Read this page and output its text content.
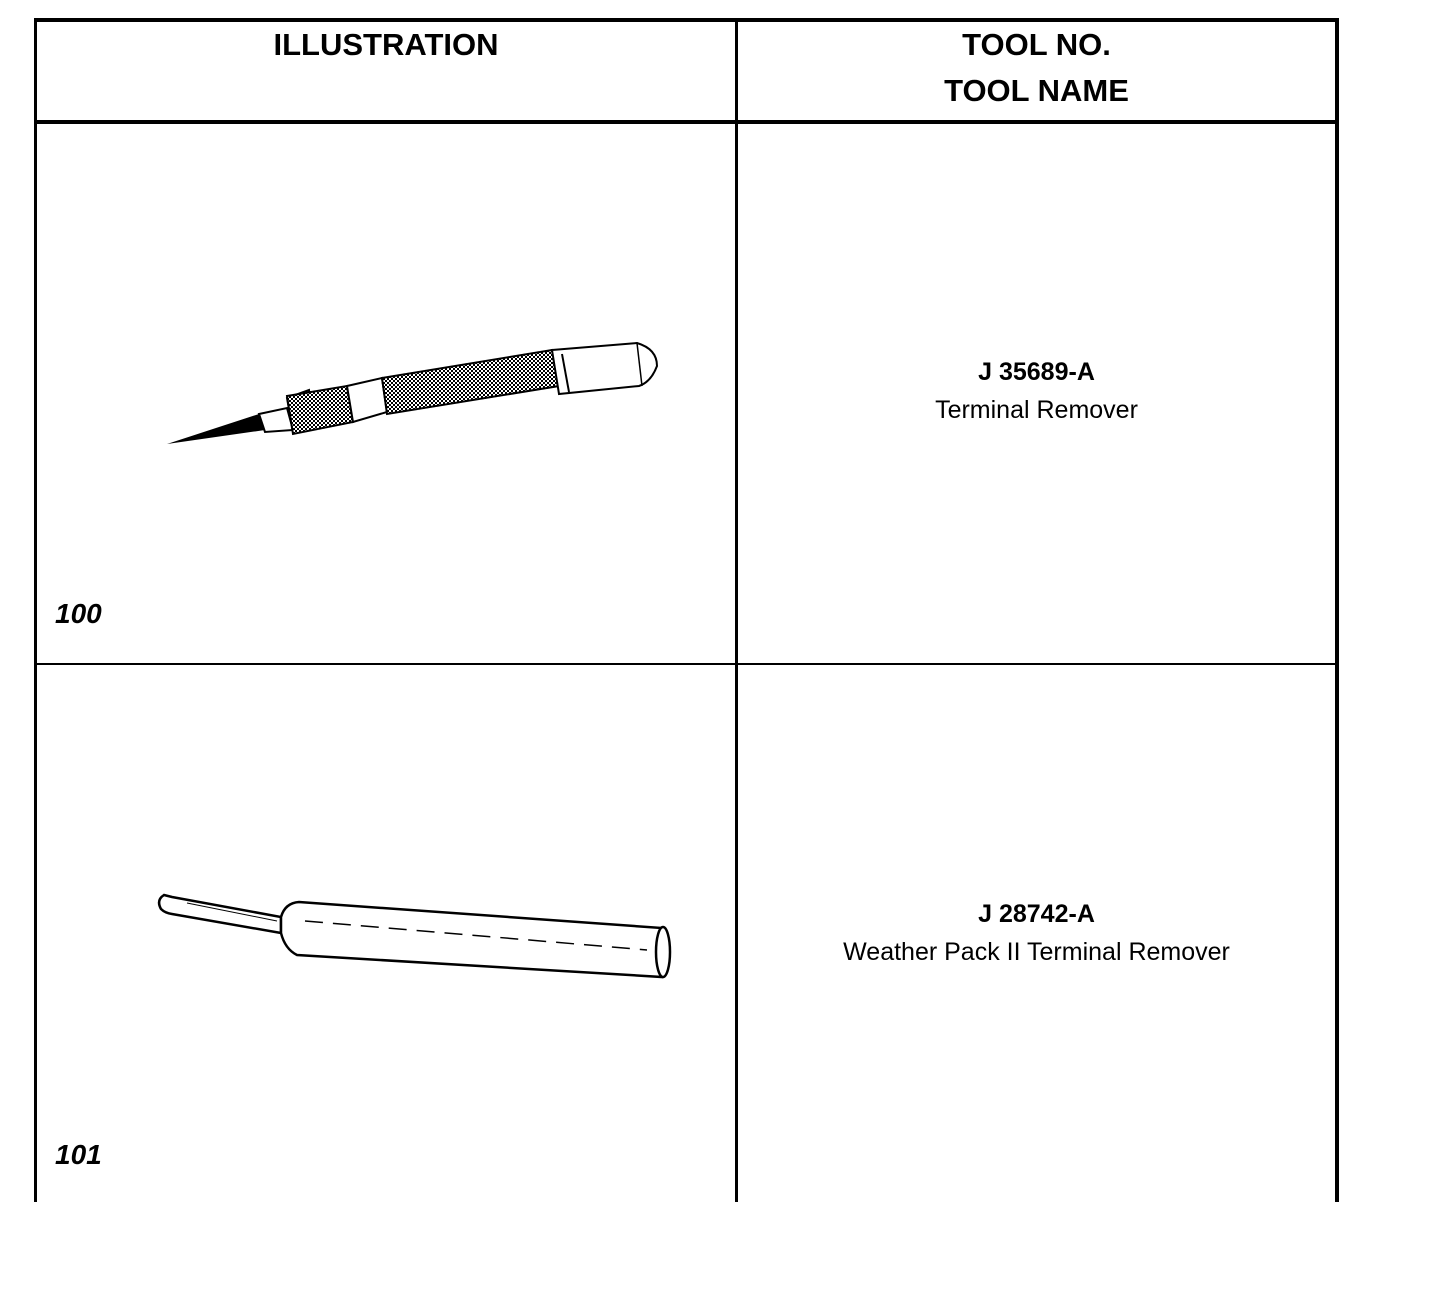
ILLUSTRATION	TOOL NO.
TOOL NAME
100
J 35689-A
Terminal Remover
101
J 28742-A
Weather Pack II Terminal Remover
